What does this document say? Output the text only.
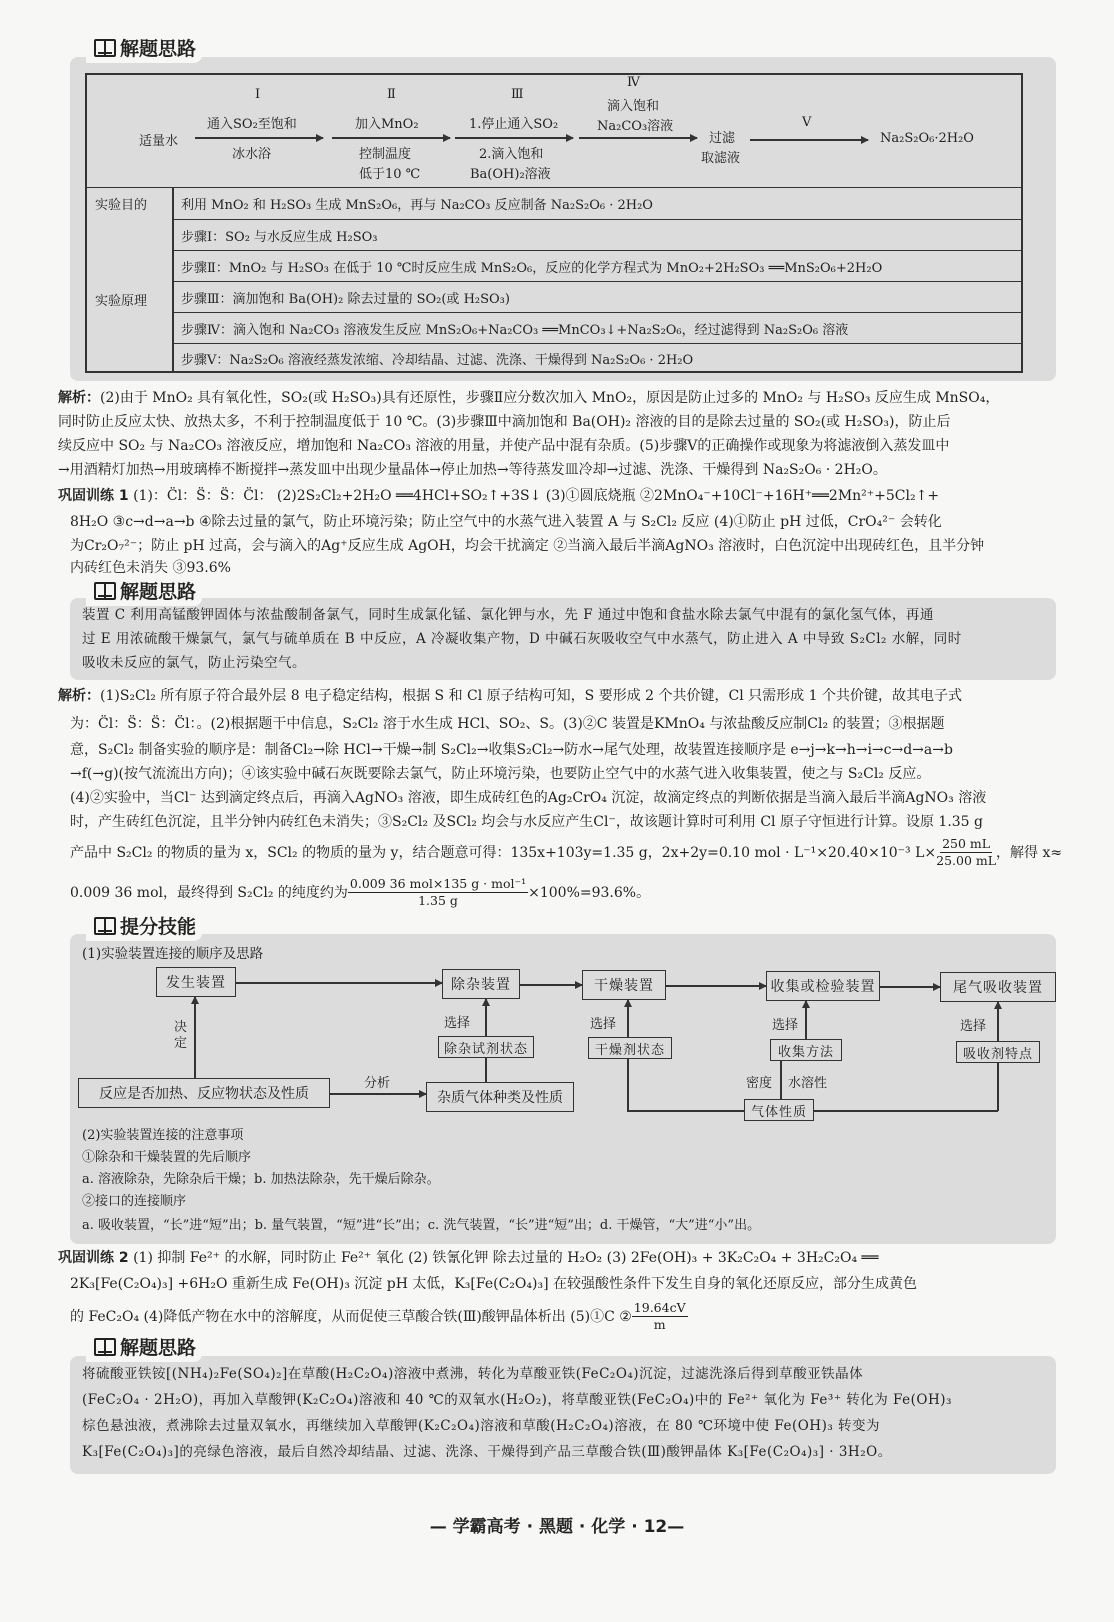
解题思路
适量水
Ⅰ
通入SO₂至饱和
冰水浴
Ⅱ
加入MnO₂
控制温度
低于10 ℃
Ⅲ
1.停止通入SO₂
2.滴入饱和
Ba(OH)₂溶液
Ⅳ
滴入饱和
Na₂CO₃溶液
过滤
取滤液
Ⅴ
Na₂S₂O₆·2H₂O
实验目的	利用 MnO₂ 和 H₂SO₃ 生成 MnS₂O₆，再与 Na₂CO₃ 反应制备 Na₂S₂O₆ · 2H₂O
实验原理
步骤Ⅰ：SO₂ 与水反应生成 H₂SO₃
步骤Ⅱ：MnO₂ 与 H₂SO₃ 在低于 10 ℃时反应生成 MnS₂O₆，反应的化学方程式为 MnO₂+2H₂SO₃ ══MnS₂O₆+2H₂O
步骤Ⅲ：滴加饱和 Ba(OH)₂ 除去过量的 SO₂(或 H₂SO₃)
步骤Ⅳ：滴入饱和 Na₂CO₃ 溶液发生反应 MnS₂O₆+Na₂CO₃ ══MnCO₃↓+Na₂S₂O₆，经过滤得到 Na₂S₂O₆ 溶液
步骤Ⅴ：Na₂S₂O₆ 溶液经蒸发浓缩、冷却结晶、过滤、洗涤、干燥得到 Na₂S₂O₆ · 2H₂O
解析：(2)由于 MnO₂ 具有氧化性，SO₂(或 H₂SO₃)具有还原性，步骤Ⅱ应分数次加入 MnO₂，原因是防止过多的 MnO₂ 与 H₂SO₃ 反应生成 MnSO₄，
同时防止反应太快、放热太多，不利于控制温度低于 10 ℃。(3)步骤Ⅲ中滴加饱和 Ba(OH)₂ 溶液的目的是除去过量的 SO₂(或 H₂SO₃)，防止后
续反应中 SO₂ 与 Na₂CO₃ 溶液反应，增加饱和 Na₂CO₃ 溶液的用量，并使产品中混有杂质。(5)步骤Ⅴ的正确操作或现象为将滤液倒入蒸发皿中
→用酒精灯加热→用玻璃棒不断搅拌→蒸发皿中出现少量晶体→停止加热→等待蒸发皿冷却→过滤、洗涤、干燥得到 Na₂S₂O₆ · 2H₂O。
巩固训练 1 (1)：C̈l：S̈：S̈：C̈l： (2)2S₂Cl₂+2H₂O ══4HCl+SO₂↑+3S↓ (3)①圆底烧瓶 ②2MnO₄⁻+10Cl⁻+16H⁺══2Mn²⁺+5Cl₂↑+
8H₂O ③c→d→a→b ④除去过量的氯气，防止环境污染；防止空气中的水蒸气进入装置 A 与 S₂Cl₂ 反应 (4)①防止 pH 过低，CrO₄²⁻ 会转化
为Cr₂O₇²⁻；防止 pH 过高，会与滴入的Ag⁺反应生成 AgOH，均会干扰滴定 ②当滴入最后半滴AgNO₃ 溶液时，白色沉淀中出现砖红色，且半分钟
内砖红色未消失 ③93.6%
解题思路
装置 C 利用高锰酸钾固体与浓盐酸制备氯气，同时生成氯化锰、氯化钾与水，先 F 通过中饱和食盐水除去氯气中混有的氯化氢气体，再通
过 E 用浓硫酸干燥氯气，氯气与硫单质在 B 中反应，A 冷凝收集产物，D 中碱石灰吸收空气中水蒸气，防止进入 A 中导致 S₂Cl₂ 水解，同时
吸收未反应的氯气，防止污染空气。
解析：(1)S₂Cl₂ 所有原子符合最外层 8 电子稳定结构，根据 S 和 Cl 原子结构可知，S 要形成 2 个共价键，Cl 只需形成 1 个共价键，故其电子式
为：C̈l：S̈：S̈：C̈l：。(2)根据题干中信息，S₂Cl₂ 溶于水生成 HCl、SO₂、S。(3)②C 装置是KMnO₄ 与浓盐酸反应制Cl₂ 的装置；③根据题
意，S₂Cl₂ 制备实验的顺序是：制备Cl₂→除 HCl→干燥→制 S₂Cl₂→收集S₂Cl₂→防水→尾气处理，故装置连接顺序是 e→j→k→h→i→c→d→a→b
→f(→g)(按气流流出方向)；④该实验中碱石灰既要除去氯气，防止环境污染，也要防止空气中的水蒸气进入收集装置，使之与 S₂Cl₂ 反应。
(4)②实验中，当Cl⁻ 达到滴定终点后，再滴入AgNO₃ 溶液，即生成砖红色的Ag₂CrO₄ 沉淀，故滴定终点的判断依据是当滴入最后半滴AgNO₃ 溶液
时，产生砖红色沉淀，且半分钟内砖红色未消失；③S₂Cl₂ 及SCl₂ 均会与水反应产生Cl⁻，故该题计算时可利用 Cl 原子守恒进行计算。设原 1.35 g
产品中 S₂Cl₂ 的物质的量为 x，SCl₂ 的物质的量为 y，结合题意可得：135x+103y=1.35 g，2x+2y=0.10 mol · L⁻¹×20.40×10⁻³ $L\times \frac{250 mL}{25.00 mL}$ ，解得 x≈
0.009 36 mol，最终得到 S₂Cl₂ 的纯度约为 $\frac{\text{0.009 36 mol×135 g · mol⁻¹}}{1.35 g} \times 100\%=93.6\%$。
提分技能
(1)实验装置连接的顺序及思路
发生装置	除杂装置	干燥装置	收集或检验装置	尾气吸收装置
除杂试剂状态	干燥剂状态	收集方法	吸收剂特点
选择	选择	选择	选择
反应是否加热、反应物状态及性质
决定
杂质气体种类及性质
分析
气体性质
密度 水溶性
(2)实验装置连接的注意事项
①除杂和干燥装置的先后顺序
a. 溶液除杂，先除杂后干燥；b. 加热法除杂，先干燥后除杂。
②接口的连接顺序
a. 吸收装置，“长”进“短”出；b. 量气装置，“短”进“长”出；c. 洗气装置，“长”进“短”出；d. 干燥管，“大”进“小”出。
巩固训练 2 (1) 抑制 Fe²⁺ 的水解，同时防止 Fe²⁺ 氧化 (2) 铁氰化钾 除去过量的 H₂O₂ (3) 2Fe(OH)₃ + 3K₂C₂O₄ + 3H₂C₂O₄ ══
2K₃[Fe(C₂O₄)₃] +6H₂O 重新生成 Fe(OH)₃ 沉淀 pH 太低，K₃[Fe(C₂O₄)₃] 在较强酸性条件下发生自身的氧化还原反应，部分生成黄色
的 FeC₂O₄ (4)降低产物在水中的溶解度，从而促使三草酸合铁(Ⅲ)酸钾晶体析出 (5)①C ② $\frac{19.64cV}{m}$
解题思路
将硫酸亚铁铵[(NH₄)₂Fe(SO₄)₂]在草酸(H₂C₂O₄)溶液中煮沸，转化为草酸亚铁(FeC₂O₄)沉淀，过滤洗涤后得到草酸亚铁晶体
(FeC₂O₄ · 2H₂O)，再加入草酸钾(K₂C₂O₄)溶液和 40 ℃的双氧水(H₂O₂)，将草酸亚铁(FeC₂O₄)中的 Fe²⁺ 氧化为 Fe³⁺ 转化为 Fe(OH)₃
棕色悬浊液，煮沸除去过量双氧水，再继续加入草酸钾(K₂C₂O₄)溶液和草酸(H₂C₂O₄)溶液，在 80 ℃环境中使 Fe(OH)₃ 转变为
K₃[Fe(C₂O₄)₃]的亮绿色溶液，最后自然冷却结晶、过滤、洗涤、干燥得到产品三草酸合铁(Ⅲ)酸钾晶体 K₃[Fe(C₂O₄)₃] · 3H₂O。
— 学霸高考 · 黑题 · 化学 · 12—
